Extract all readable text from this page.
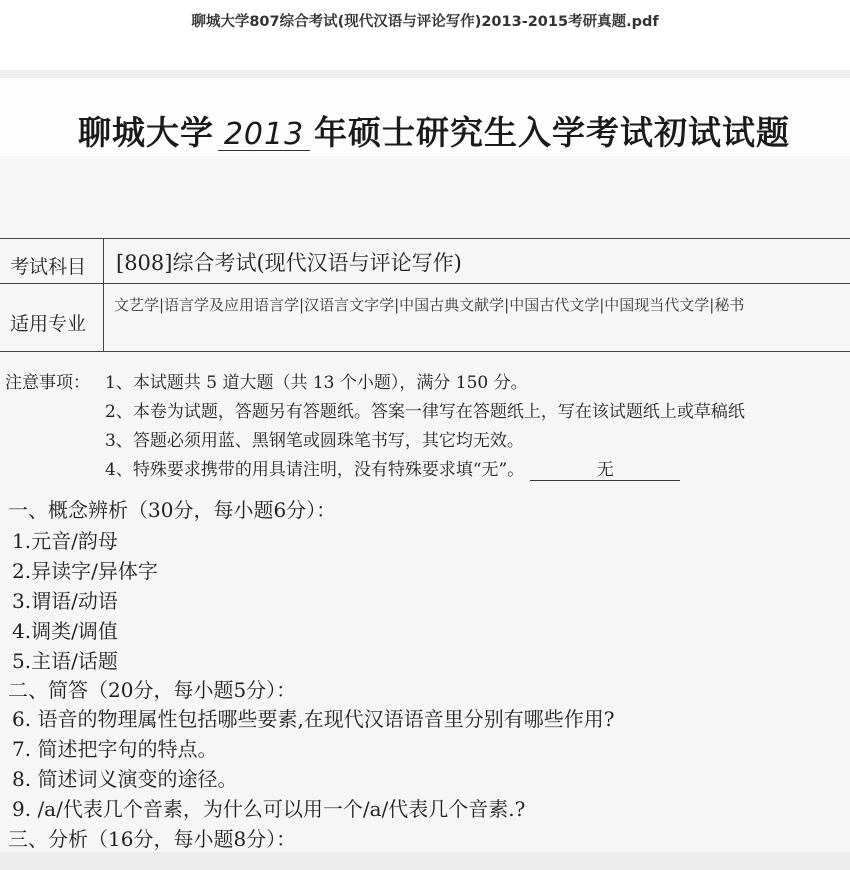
聊城大学807综合考试(现代汉语与评论写作)2013-2015考研真题.pdf
聊城大学 2013 年硕士研究生入学考试初试试题
考试科目 [808]综合考试(现代汉语与评论写作)
适用专业
文艺学|语言学及应用语言学|汉语言文字学|中国古典文献学|中国古代文学|中国现当代文学|秘书
注意事项： 1、本试题共 5 道大题（共 13 个小题），满分 150 分。
2、本卷为试题，答题另有答题纸。答案一律写在答题纸上，写在该试题纸上或草稿纸
3、答题必须用蓝、黑钢笔或圆珠笔书写，其它均无效。
4、特殊要求携带的用具请注明，没有特殊要求填“无”。	无
一、概念辨析（30分，每小题6分）：
1.元音/韵母
2.异读字/异体字
3.谓语/动语
4.调类/调值
5.主语/话题
二、简答（20分，每小题5分）：
6. 语音的物理属性包括哪些要素,在现代汉语语音里分别有哪些作用?
7. 简述把字句的特点。
8. 简述词义演变的途径。
9. /a/代表几个音素，为什么可以用一个/a/代表几个音素.?
三、分析（16分，每小题8分）：
